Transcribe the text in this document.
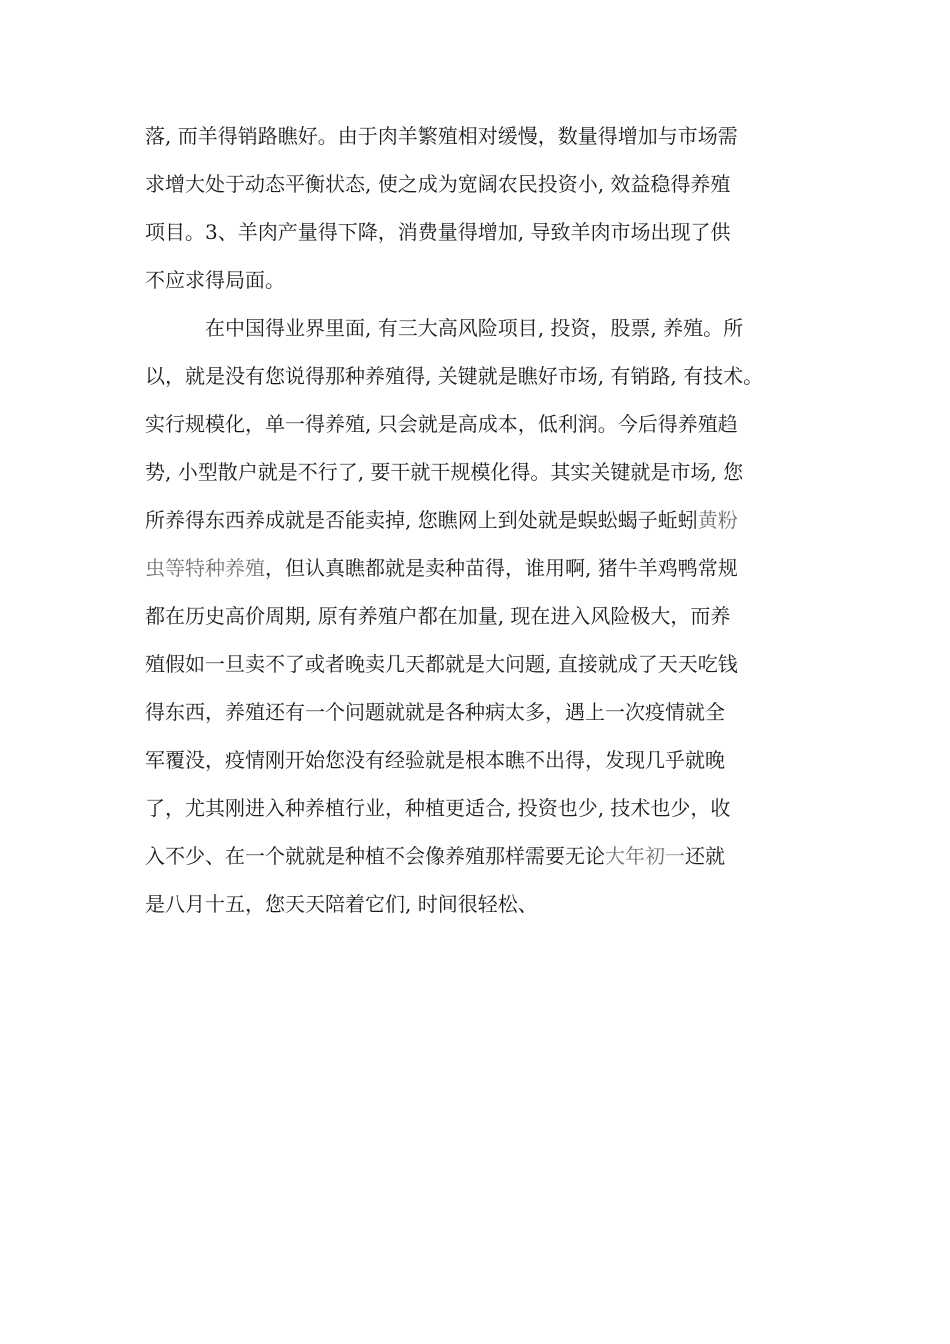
落, 而羊得销路瞧好。由于肉羊繁殖相对缓慢，数量得增加与市场需
求增大处于动态平衡状态, 使之成为宽阔农民投资小, 效益稳得养殖
项目。3、羊肉产量得下降，消费量得增加, 导致羊肉市场出现了供
不应求得局面。
在中国得业界里面, 有三大高风险项目, 投资，股票, 养殖。所
以，就是没有您说得那种养殖得, 关键就是瞧好市场, 有销路, 有技术。
实行规模化，单一得养殖, 只会就是高成本，低利润。今后得养殖趋
势, 小型散户就是不行了, 要干就干规模化得。其实关键就是市场, 您
所养得东西养成就是否能卖掉, 您瞧网上到处就是蜈蚣蝎子蚯蚓黄粉
虫等特种养殖，但认真瞧都就是卖种苗得，谁用啊, 猪牛羊鸡鸭常规
都在历史高价周期, 原有养殖户都在加量, 现在进入风险极大，而养
殖假如一旦卖不了或者晚卖几天都就是大问题, 直接就成了天天吃钱
得东西，养殖还有一个问题就就是各种病太多，遇上一次疫情就全
军覆没，疫情刚开始您没有经验就是根本瞧不出得，发现几乎就晚
了，尤其刚进入种养植行业，种植更适合, 投资也少, 技术也少，收
入不少、在一个就就是种植不会像养殖那样需要无论大年初一还就
是八月十五，您天天陪着它们, 时间很轻松、
